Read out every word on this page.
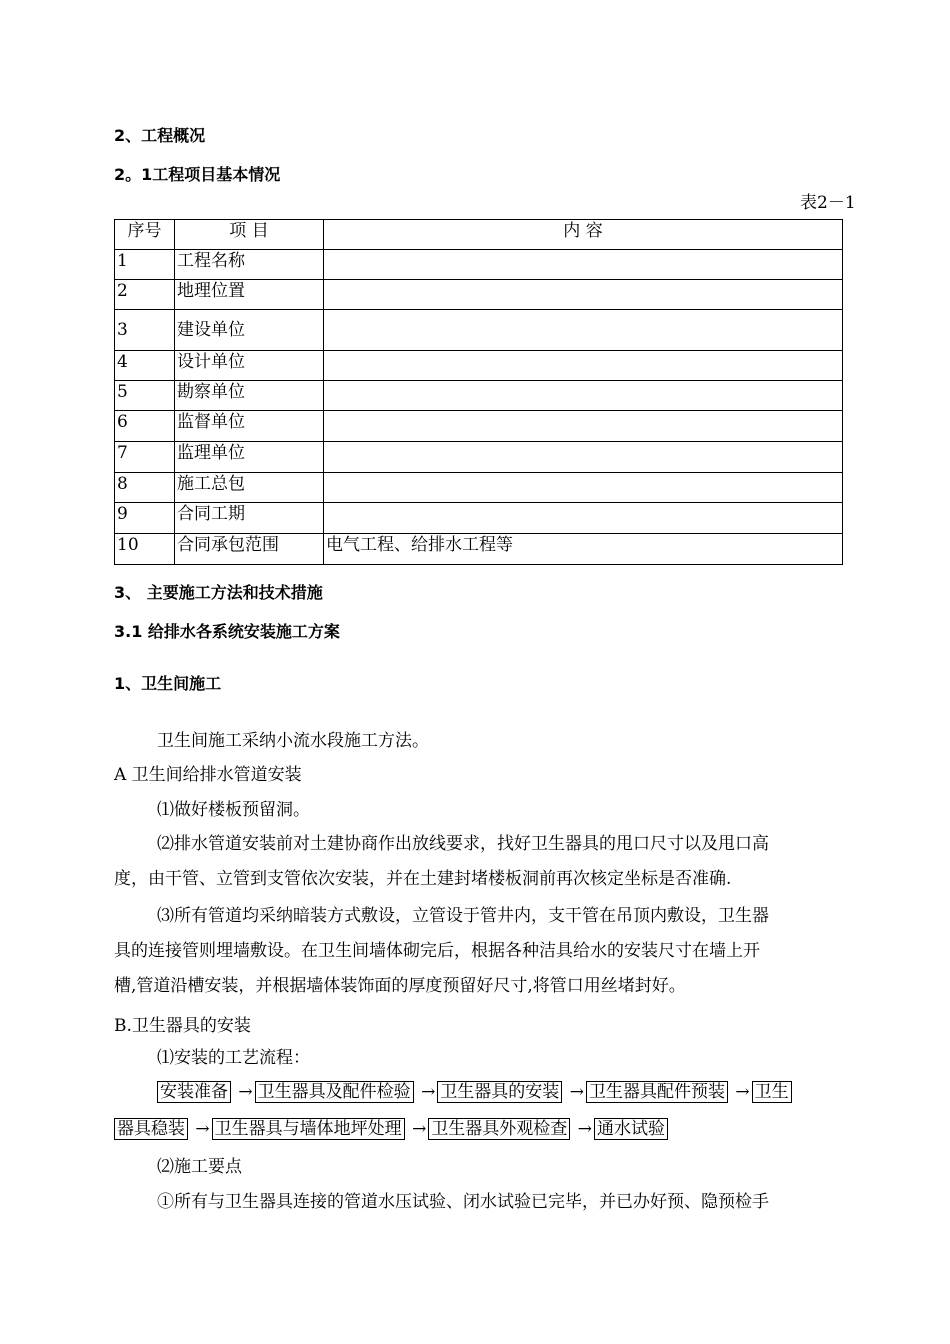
2、工程概况
2。1工程项目基本情况
表2－1
序号	项 目	内 容
1	工程名称	
2	地理位置	
3	建设单位	
4	设计单位	
5	勘察单位	
6	监督单位	
7	监理单位	
8	施工总包	
9	合同工期	
10	合同承包范围	电气工程、给排水工程等
3、 主要施工方法和技术措施
3.1 给排水各系统安装施工方案
1、卫生间施工
卫生间施工采纳小流水段施工方法。
A 卫生间给排水管道安装
⑴做好楼板预留洞。
⑵排水管道安装前对土建协商作出放线要求，找好卫生器具的甩口尺寸以及甩口高
度，由干管、立管到支管依次安装，并在土建封堵楼板洞前再次核定坐标是否准确.
⑶所有管道均采纳暗装方式敷设，立管设于管井内，支干管在吊顶内敷设，卫生器
具的连接管则埋墙敷设。在卫生间墙体砌完后，根据各种洁具给水的安装尺寸在墙上开
槽,管道沿槽安装，并根据墙体装饰面的厚度预留好尺寸,将管口用丝堵封好。
B.卫生器具的安装
⑴安装的工艺流程：
安装准备 → 卫生器具及配件检验 → 卫生器具的安装 → 卫生器具配件预装 → 卫生
器具稳装 → 卫生器具与墙体地坪处理 → 卫生器具外观检查 → 通水试验
⑵施工要点
①所有与卫生器具连接的管道水压试验、闭水试验已完毕，并已办好预、隐预检手
